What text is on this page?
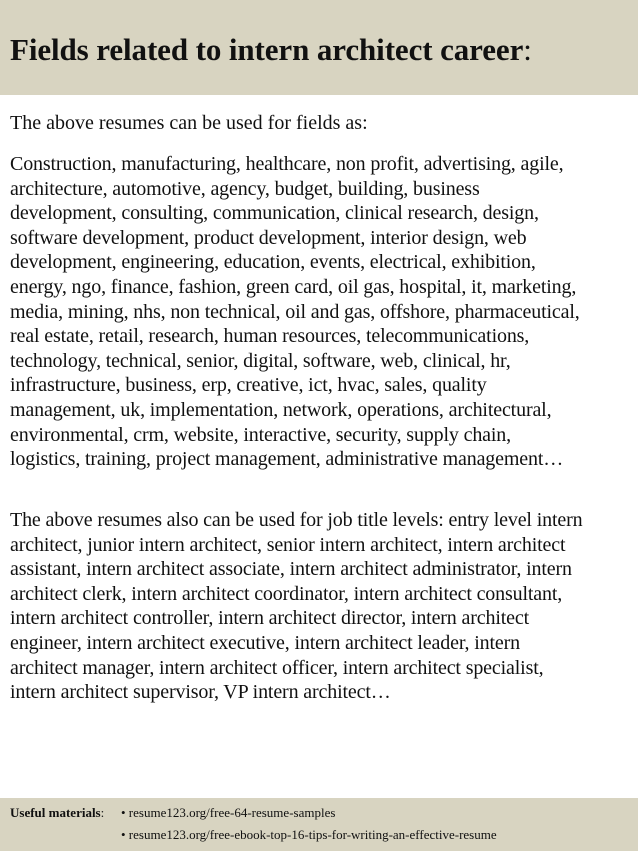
Fields related to intern architect career:

The above resumes can be used for fields as:

Construction, manufacturing, healthcare, non profit, advertising, agile,
architecture, automotive, agency, budget, building, business
development, consulting, communication, clinical research, design,
software development, product development, interior design, web
development, engineering, education, events, electrical, exhibition,
energy, ngo, finance, fashion, green card, oil gas, hospital, it, marketing,
media, mining, nhs, non technical, oil and gas, offshore, pharmaceutical,
real estate, retail, research, human resources, telecommunications,
technology, technical, senior, digital, software, web, clinical, hr,
infrastructure, business, erp, creative, ict, hvac, sales, quality
management, uk, implementation, network, operations, architectural,
environmental, crm, website, interactive, security, supply chain,
logistics, training, project management, administrative management…
The above resumes also can be used for job title levels: entry level intern
architect, junior intern architect, senior intern architect, intern architect
assistant, intern architect associate, intern architect administrator, intern
architect clerk, intern architect coordinator, intern architect consultant,
intern architect controller, intern architect director, intern architect
engineer, intern architect executive, intern architect leader, intern
architect manager, intern architect officer, intern architect specialist,
intern architect supervisor, VP intern architect…
Useful materials: • resume123.org/free-64-resume-samples
• resume123.org/free-ebook-top-16-tips-for-writing-an-effective-resume
